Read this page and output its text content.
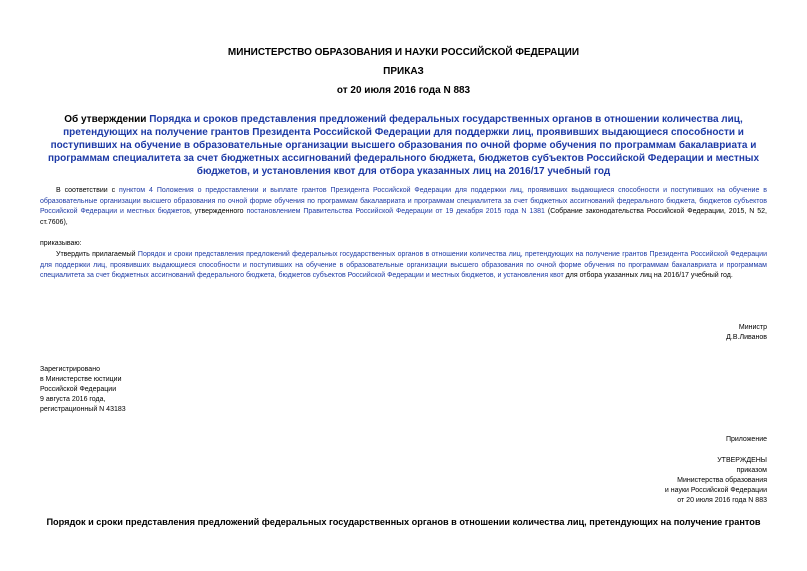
МИНИСТЕРСТВО ОБРАЗОВАНИЯ И НАУКИ РОССИЙСКОЙ ФЕДЕРАЦИИ
ПРИКАЗ
от 20 июля 2016 года N 883
Об утверждении Порядка и сроков представления предложений федеральных государственных органов в отношении количества лиц, претендующих на получение грантов Президента Российской Федерации для поддержки лиц, проявивших выдающиеся способности и поступивших на обучение в образовательные организации высшего образования по очной форме обучения по программам бакалавриата и программам специалитета за счет бюджетных ассигнований федерального бюджета, бюджетов субъектов Российской Федерации и местных бюджетов, и установления квот для отбора указанных лиц на 2016/17 учебный год
В соответствии с пунктом 4 Положения о предоставлении и выплате грантов Президента Российской Федерации для поддержки лиц, проявивших выдающиеся способности и поступивших на обучение в образовательные организации высшего образования по очной форме обучения по программам бакалавриата и программам специалитета за счет бюджетных ассигнований федерального бюджета, бюджетов субъектов Российской Федерации и местных бюджетов, утвержденного постановлением Правительства Российской Федерации от 19 декабря 2015 года N 1381 (Собрание законодательства Российской Федерации, 2015, N 52, ст.7606),
приказываю:
Утвердить прилагаемый Порядок и сроки представления предложений федеральных государственных органов в отношении количества лиц, претендующих на получение грантов Президента Российской Федерации для поддержки лиц, проявивших выдающиеся способности и поступивших на обучение в образовательные организации высшего образования по очной форме обучения по программам бакалавриата и программам специалитета за счет бюджетных ассигнований федерального бюджета, бюджетов субъектов Российской Федерации и местных бюджетов, и установления квот для отбора указанных лиц на 2016/17 учебный год.
Министр
Д.В.Ливанов
Зарегистрировано
в Министерстве юстиции
Российской Федерации
9 августа 2016 года,
регистрационный N 43183
Приложение
УТВЕРЖДЕНЫ
приказом
Министерства образования
и науки Российской Федерации
от 20 июля 2016 года N 883
Порядок и сроки представления предложений федеральных государственных органов в отношении количества лиц, претендующих на получение грантов
